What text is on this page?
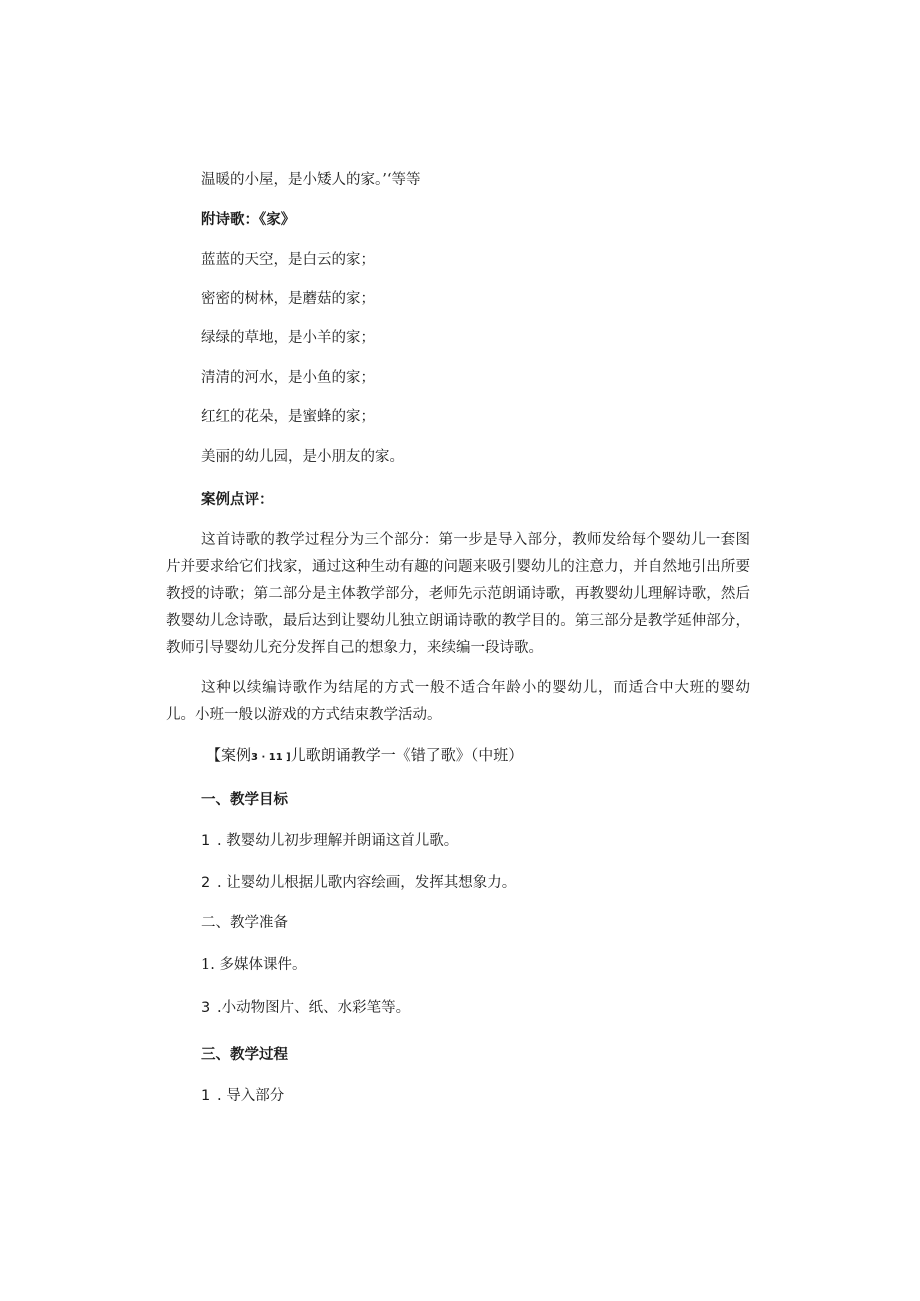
温暖的小屋，是小矮人的家。’‘等等
附诗歌：《家》
蓝蓝的天空，是白云的家；
密密的树林，是蘑菇的家；
绿绿的草地，是小羊的家；
清清的河水，是小鱼的家；
红红的花朵，是蜜蜂的家；
美丽的幼儿园，是小朋友的家。
案例点评：

这首诗歌的教学过程分为三个部分：第一步是导入部分，教师发给每个婴幼儿一套图片并要求给它们找家，通过这种生动有趣的问题来吸引婴幼儿的注意力，并自然地引出所要教授的诗歌；第二部分是主体教学部分，老师先示范朗诵诗歌，再教婴幼儿理解诗歌，然后教婴幼儿念诗歌，最后达到让婴幼儿独立朗诵诗歌的教学目的。第三部分是教学延伸部分，教师引导婴幼儿充分发挥自己的想象力，来续编一段诗歌。

这种以续编诗歌作为结尾的方式一般不适合年龄小的婴幼儿，而适合中大班的婴幼儿。小班一般以游戏的方式结束教学活动。

【案例3 · 11 ]儿歌朗诵教学一《错了歌》（中班）
一、教学目标
1 . 教婴幼儿初步理解并朗诵这首儿歌。
2 . 让婴幼儿根据儿歌内容绘画，发挥其想象力。
二、教学准备
1. 多媒体课件。
3 .小动物图片、纸、水彩笔等。
三、教学过程
1 . 导入部分
